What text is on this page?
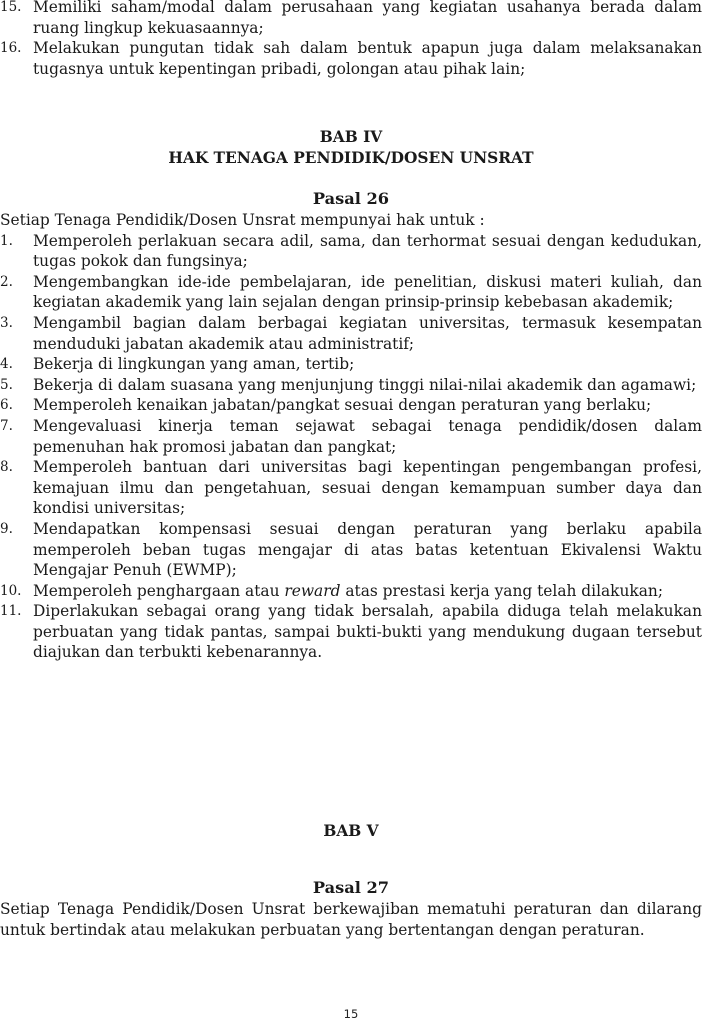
15. Memiliki saham/modal dalam perusahaan yang kegiatan usahanya berada dalam ruang lingkup kekuasaannya;
16. Melakukan pungutan tidak sah dalam bentuk apapun juga dalam melaksanakan tugasnya untuk kepentingan pribadi, golongan atau pihak lain;
BAB IV
HAK TENAGA PENDIDIK/DOSEN UNSRAT
Pasal 26
Setiap Tenaga Pendidik/Dosen Unsrat mempunyai hak untuk :
1. Memperoleh perlakuan secara adil, sama, dan terhormat sesuai dengan kedudukan, tugas pokok dan fungsinya;
2. Mengembangkan ide-ide pembelajaran, ide penelitian, diskusi materi kuliah, dan kegiatan akademik yang lain sejalan dengan prinsip-prinsip kebebasan akademik;
3. Mengambil bagian dalam berbagai kegiatan universitas, termasuk kesempatan menduduki jabatan akademik atau administratif;
4. Bekerja di lingkungan yang aman, tertib;
5. Bekerja di dalam suasana yang menjunjung tinggi nilai-nilai akademik dan agamawi;
6. Memperoleh kenaikan jabatan/pangkat sesuai dengan peraturan yang berlaku;
7. Mengevaluasi kinerja teman sejawat sebagai tenaga pendidik/dosen dalam pemenuhan hak promosi jabatan dan pangkat;
8. Memperoleh bantuan dari universitas bagi kepentingan pengembangan profesi, kemajuan ilmu dan pengetahuan, sesuai dengan kemampuan sumber daya dan kondisi universitas;
9. Mendapatkan kompensasi sesuai dengan peraturan yang berlaku apabila memperoleh beban tugas mengajar di atas batas ketentuan Ekivalensi Waktu Mengajar Penuh (EWMP);
10. Memperoleh penghargaan atau reward atas prestasi kerja yang telah dilakukan;
11. Diperlakukan sebagai orang yang tidak bersalah, apabila diduga telah melakukan perbuatan yang tidak pantas, sampai bukti-bukti yang mendukung dugaan tersebut diajukan dan terbukti kebenarannya.
BAB V
Pasal 27
Setiap Tenaga Pendidik/Dosen Unsrat berkewajiban mematuhi peraturan dan dilarang untuk bertindak atau melakukan perbuatan yang bertentangan dengan peraturan.
15
